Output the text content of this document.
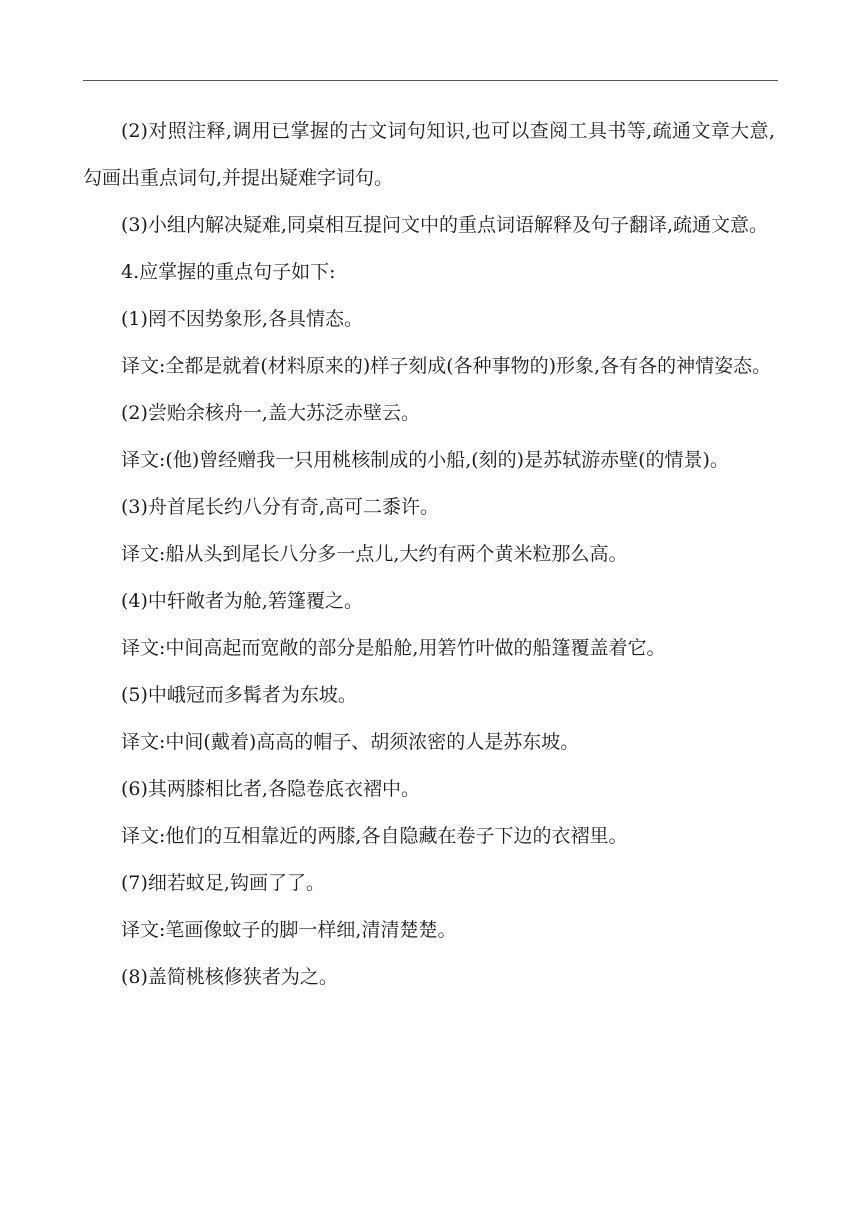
(2)对照注释,调用已掌握的古文词句知识,也可以查阅工具书等,疏通文章大意,勾画出重点词句,并提出疑难字词句。

(3)小组内解决疑难,同桌相互提问文中的重点词语解释及句子翻译,疏通文意。

4.应掌握的重点句子如下:

(1)罔不因势象形,各具情态。

译文:全都是就着(材料原来的)样子刻成(各种事物的)形象,各有各的神情姿态。

(2)尝贻余核舟一,盖大苏泛赤壁云。

译文:(他)曾经赠我一只用桃核制成的小船,(刻的)是苏轼游赤壁(的情景)。

(3)舟首尾长约八分有奇,高可二黍许。

译文:船从头到尾长八分多一点儿,大约有两个黄米粒那么高。

(4)中轩敞者为舱,箬篷覆之。

译文:中间高起而宽敞的部分是船舱,用箬竹叶做的船篷覆盖着它。

(5)中峨冠而多髯者为东坡。

译文:中间(戴着)高高的帽子、胡须浓密的人是苏东坡。

(6)其两膝相比者,各隐卷底衣褶中。

译文:他们的互相靠近的两膝,各自隐藏在卷子下边的衣褶里。

(7)细若蚊足,钩画了了。

译文:笔画像蚊子的脚一样细,清清楚楚。

(8)盖简桃核修狭者为之。
